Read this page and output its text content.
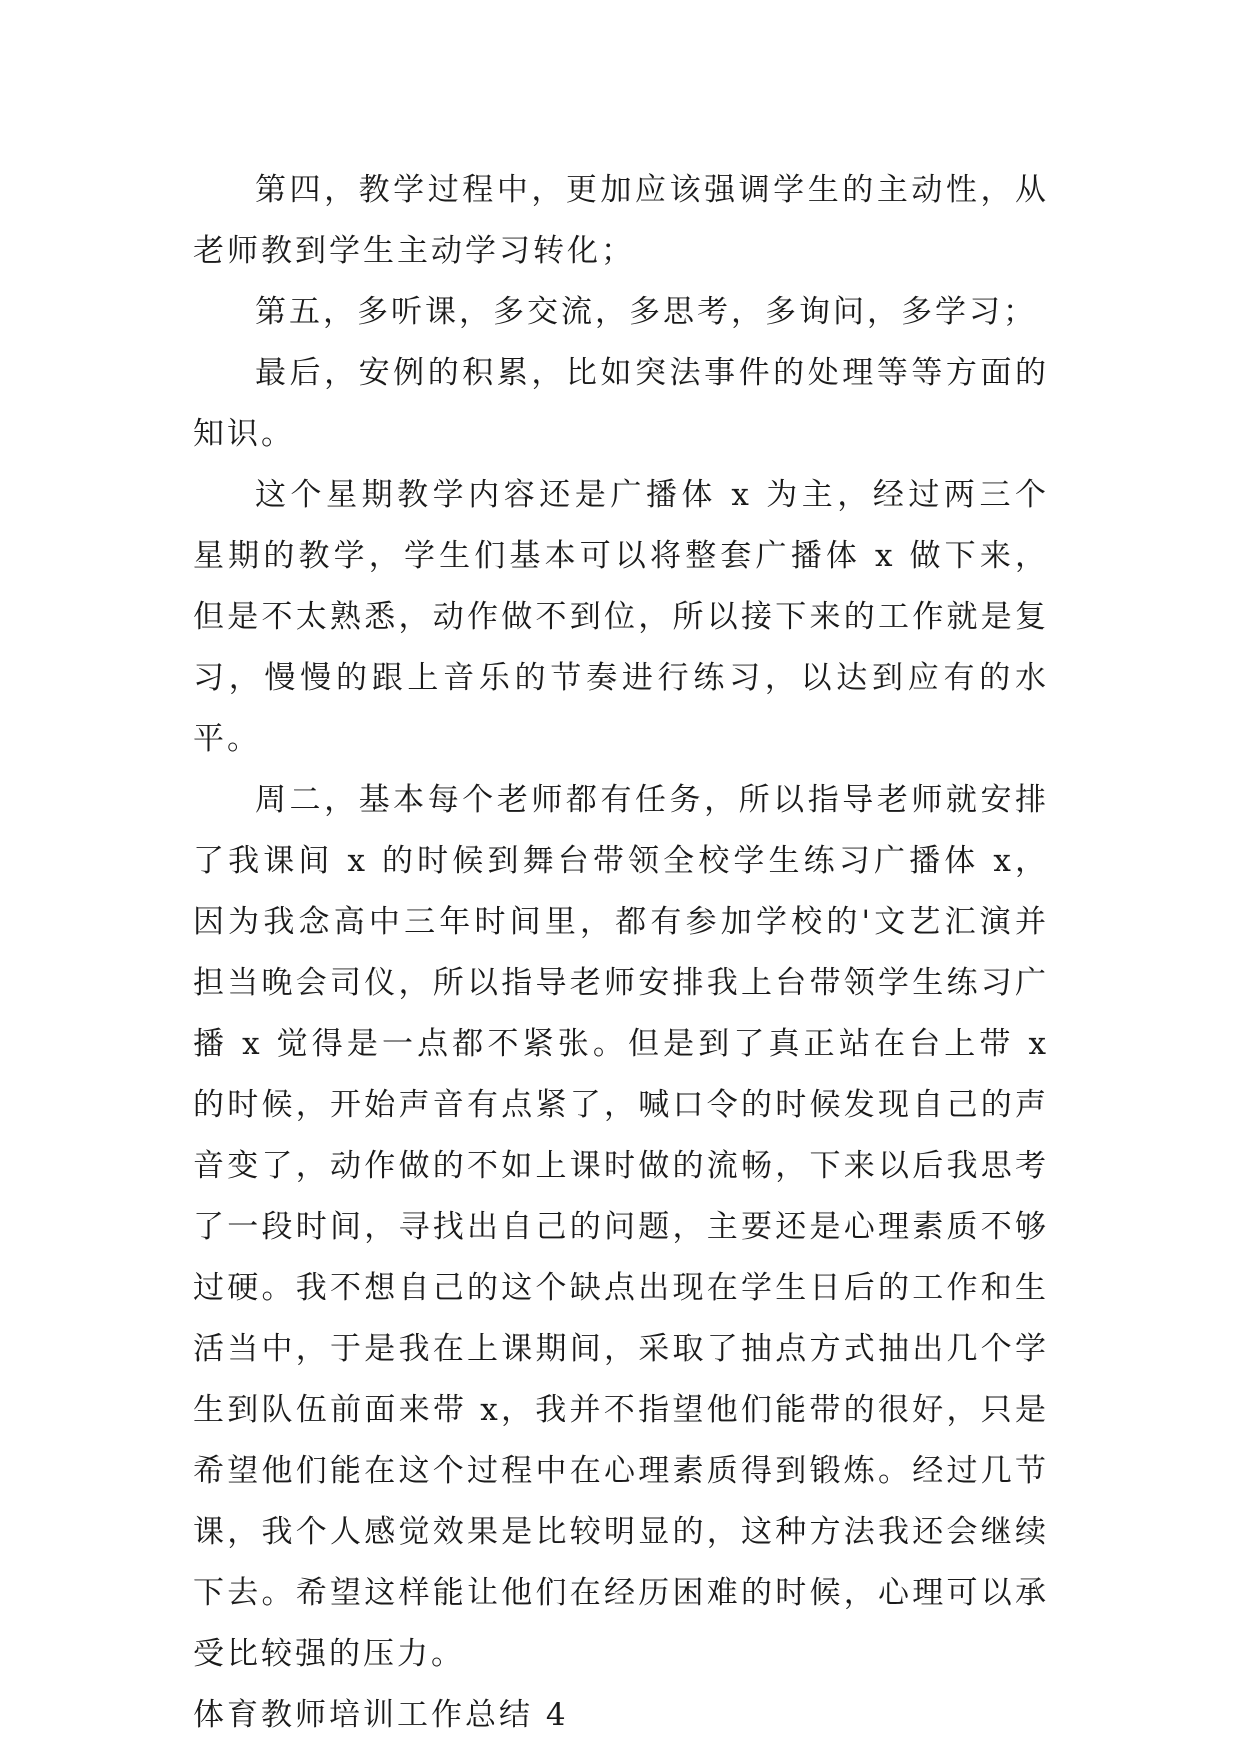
第四，教学过程中，更加应该强调学生的主动性，从老师教到学生主动学习转化；

第五，多听课，多交流，多思考，多询问，多学习；

最后，安例的积累，比如突法事件的处理等等方面的知识。

这个星期教学内容还是广播体 x 为主，经过两三个星期的教学，学生们基本可以将整套广播体 x 做下来，但是不太熟悉，动作做不到位，所以接下来的工作就是复习，慢慢的跟上音乐的节奏进行练习，以达到应有的水平。

周二，基本每个老师都有任务，所以指导老师就安排了我课间 x 的时候到舞台带领全校学生练习广播体 x，因为我念高中三年时间里，都有参加学校的'文艺汇演并担当晚会司仪，所以指导老师安排我上台带领学生练习广播 x 觉得是一点都不紧张。但是到了真正站在台上带 x 的时候，开始声音有点紧了，喊口令的时候发现自己的声音变了，动作做的不如上课时做的流畅，下来以后我思考了一段时间，寻找出自己的问题，主要还是心理素质不够过硬。我不想自己的这个缺点出现在学生日后的工作和生活当中，于是我在上课期间，采取了抽点方式抽出几个学生到队伍前面来带 x，我并不指望他们能带的很好，只是希望他们能在这个过程中在心理素质得到锻炼。经过几节课，我个人感觉效果是比较明显的，这种方法我还会继续下去。希望这样能让他们在经历困难的时候，心理可以承受比较强的压力。

体育教师培训工作总结 4
